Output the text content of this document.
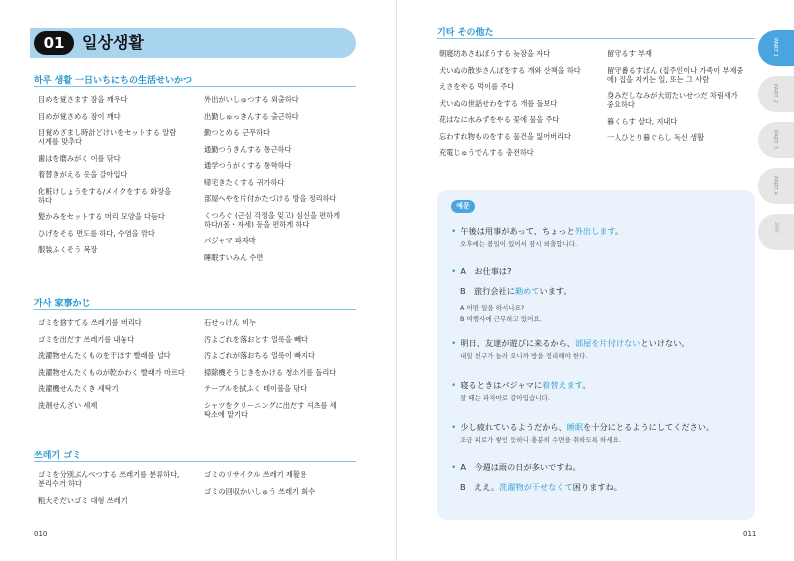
01	일상생활
하루 생활 一日いちにちの生活せいかつ
目めを覚さます 잠을 깨우다
目めが覚さめる 잠이 깨다
目覚めざまし時計どけいをセットする 알람
시계를 맞추다
歯はを磨みがく 이를 닦다
着替きがえる 옷을 갈아입다
化粧けしょうをする/メイクをする 화장을
하다
髪かみをセットする 머리 모양을 다듬다
ひげをそる 면도를 하다, 수염을 깎다
服装ふくそう 복장
外出がいしゅつする 외출하다
出勤しゅっきんする 출근하다
勤つとめる 근무하다
通勤つうきんする 통근하다
通学つうがくする 통학하다
帰宅きたくする 귀가하다
部屋へやを片付かたづける 방을 정리하다
くつろぐ (근심 걱정을 잊고) 심신을 편하게
하다/(몸・자세) 등을 편하게 하다
パジャマ 파자마
睡眠すいみん 수면
가사 家事かじ
ゴミを捨すてる 쓰레기를 버리다
ゴミを出だす 쓰레기를 내놓다
洗濯物せんたくものを干ほす 빨래를 널다
洗濯物せんたくものが乾かわく 빨래가 마르다
洗濯機せんたくき 세탁기
洗剤せんざい 세제
石せっけん 비누
汚よごれを落おとす 얼룩을 빼다
汚よごれが落おちる 얼룩이 빠지다
掃除機そうじきをかける 청소기를 돌리다
テーブルを拭ふく 테이블을 닦다
シャツをクリーニングに出だす 셔츠를 세
탁소에 맡기다
쓰레기 ゴミ
ゴミを分別ぶんべつする 쓰레기를 분류하다,
분리수거 하다
粗大そだいゴミ 대형 쓰레기
ゴミのリサイクル 쓰레기 재활용
ゴミの回収かいしゅう 쓰레기 회수
010
기타 その他た
朝寝坊あさねぼうする 늦잠을 자다
犬いぬの散歩さんぽをする 개와 산책을 하다
えさをやる 먹이를 주다
犬いぬの世話せわをする 개를 돌보다
花はなに水みずをやる 꽃에 물을 주다
忘わすれ物ものをする 물건을 잃어버리다
充電じゅうでんする 충전하다
留守るす 부재
留守番るすばん (집주인이나 가족이 부재중
에) 집을 지키는 일, 또는 그 사람
身みだしなみが大切たいせつだ 차림새가
중요하다
暮くらす 살다, 지내다
一人ひとり暮ぐらし 독신 생활
예문
• 午後は用事があって、ちょっと外出します。
오후에는 볼일이 있어서 잠시 외출합니다.
• A お仕事は?
B 旅行会社に勤めています。
• 明日、友達が遊びに来るから、部屋を片付けないといけない。
내일 친구가 놀러 오니까 방을 정리해야 한다.
• 寝るときはパジャマに着替えます。
잘 때는 파자마로 갈아입습니다.
• 少し疲れているようだから、睡眠を十分にとるようにしてください。
조금 피로가 쌓인 듯하니 충분히 수면을 취하도록 하세요.
• A 今週は雨の日が多いですね。
B ええ。洗濯物が干せなくて困りますね。
A 어떤 일을 하시나요?
B 여행사에 근무하고 있어요.
011
PART 1
PART 2
PART 3
PART 4
부록
